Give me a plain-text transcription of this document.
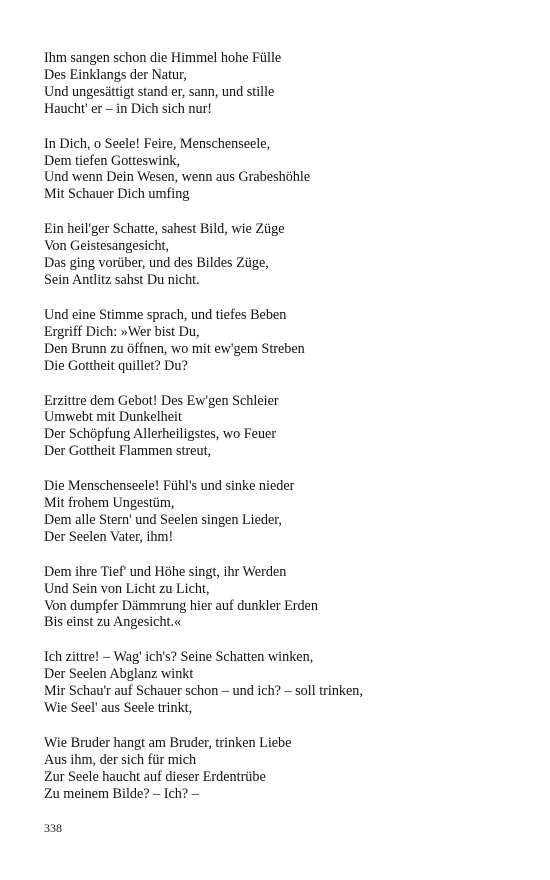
Ihm sangen schon die Himmel hohe Fülle
Des Einklangs der Natur,
Und ungesättigt stand er, sann, und stille
Haucht' er – in Dich sich nur!
In Dich, o Seele! Feire, Menschenseele,
Dem tiefen Gotteswink,
Und wenn Dein Wesen, wenn aus Grabeshöhle
Mit Schauer Dich umfing
Ein heil'ger Schatte, sahest Bild, wie Züge
Von Geistesangesicht,
Das ging vorüber, und des Bildes Züge,
Sein Antlitz sahst Du nicht.
Und eine Stimme sprach, und tiefes Beben
Ergriff Dich: »Wer bist Du,
Den Brunn zu öffnen, wo mit ew'gem Streben
Die Gottheit quillet? Du?
Erzittre dem Gebot! Des Ew'gen Schleier
Umwebt mit Dunkelheit
Der Schöpfung Allerheiligstes, wo Feuer
Der Gottheit Flammen streut,
Die Menschenseele! Fühl's und sinke nieder
Mit frohem Ungestüm,
Dem alle Stern' und Seelen singen Lieder,
Der Seelen Vater, ihm!
Dem ihre Tief' und Höhe singt, ihr Werden
Und Sein von Licht zu Licht,
Von dumpfer Dämmrung hier auf dunkler Erden
Bis einst zu Angesicht.«
Ich zittre! – Wag' ich's? Seine Schatten winken,
Der Seelen Abglanz winkt
Mir Schau'r auf Schauer schon – und ich? – soll trinken,
Wie Seel' aus Seele trinkt,
Wie Bruder hangt am Bruder, trinken Liebe
Aus ihm, der sich für mich
Zur Seele haucht auf dieser Erdentrübe
Zu meinem Bilde? – Ich? –
338
